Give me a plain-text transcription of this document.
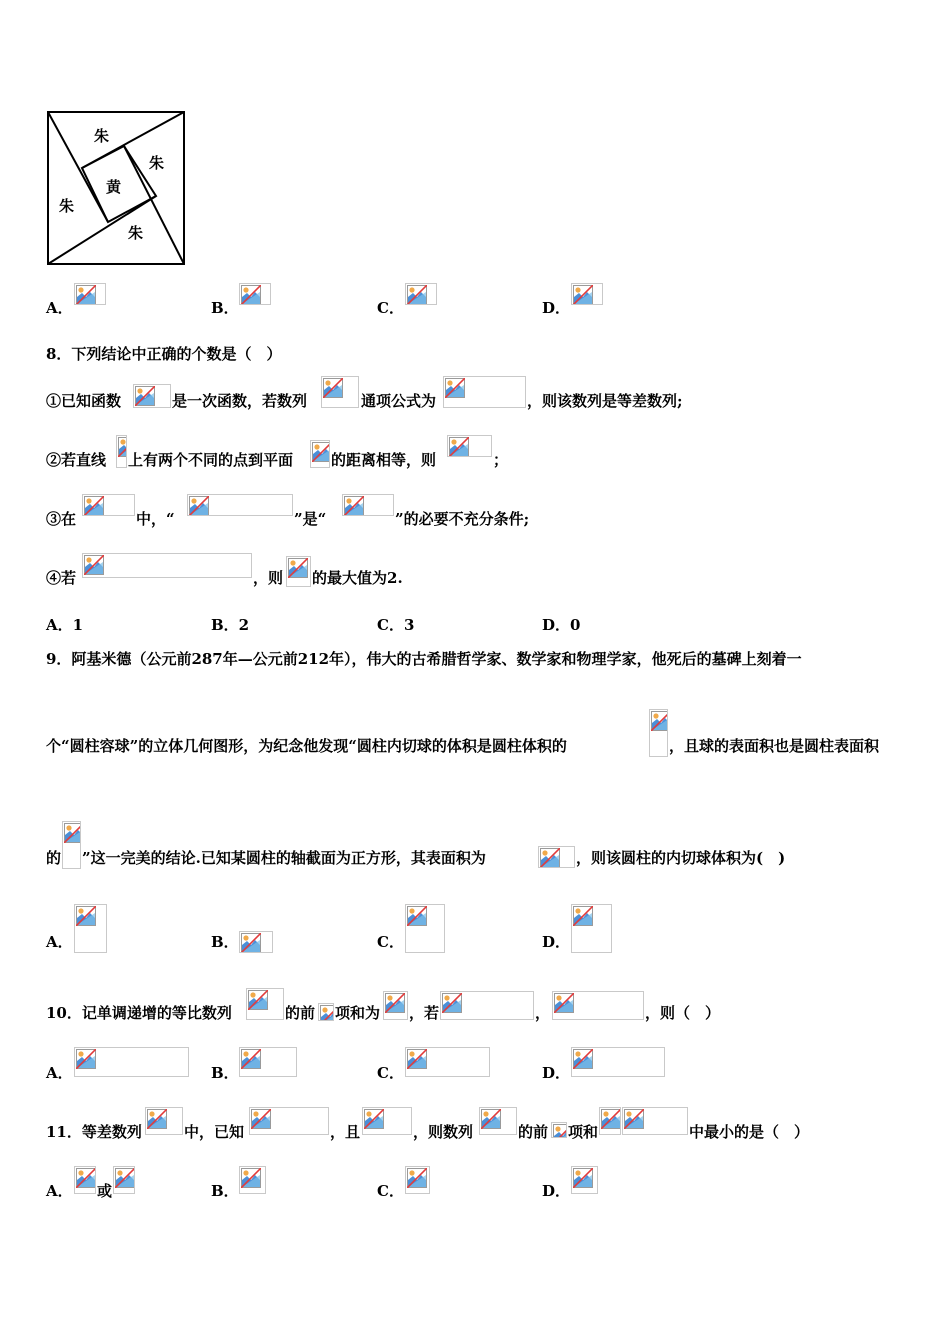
朱
朱
黄
朱
朱
A．	B．	C．	D．
8．下列结论中正确的个数是（　）
①已知函数	是一次函数，若数列	通项公式为	，则该数列是等差数列;
②若直线 上有两个不同的点到平面	的距离相等，则	；
③在	中，“	”是“	”的必要不充分条件;
④若	，则 的最大值为2.
A．1	B．2	C．3	D．0
9．阿基米德（公元前287年—公元前212年），伟大的古希腊哲学家、数学家和物理学家，他死后的墓碑上刻着一
个“圆柱容球”的立体几何图形，为纪念他发现“圆柱内切球的体积是圆柱体积的	，且球的表面积也是圆柱表面积
的 ”这一完美的结论.已知某圆柱的轴截面为正方形，其表面积为	，则该圆柱的内切球体积为(　)
A．	B．	C．	D．
10．记单调递增的等比数列	的前 项和为 ，若	，	，则（　）
A．	B．	C．	D．
11．等差数列	中，已知	，且	，则数列	的前 项和	中最小的是（　）
A． 或	B．	C．	D．
